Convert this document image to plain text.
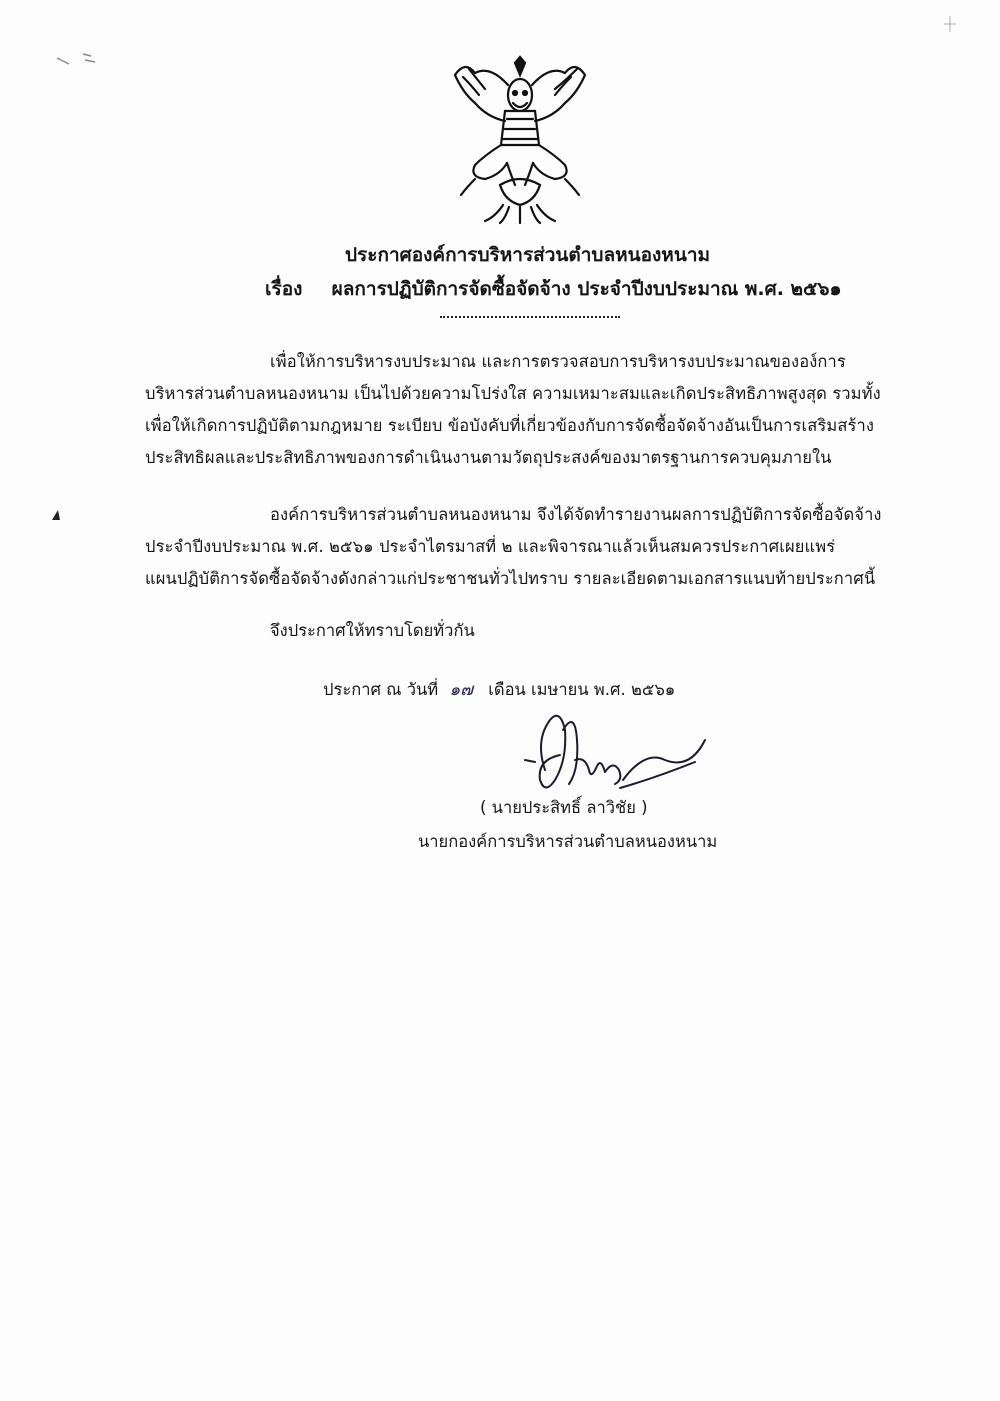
ประกาศองค์การบริหารส่วนตำบลหนองหนาม
เรื่อง ผลการปฏิบัติการจัดซื้อจัดจ้าง ประจำปีงบประมาณ พ.ศ. ๒๕๖๑
เพื่อให้การบริหารงบประมาณ และการตรวจสอบการบริหารงบประมาณขององ์การ
บริหารส่วนตำบลหนองหนาม เป็นไปด้วยความโปร่งใส ความเหมาะสมและเกิดประสิทธิภาพสูงสุด รวมทั้ง
เพื่อให้เกิดการปฏิบัติตามกฎหมาย ระเบียบ ข้อบังคับที่เกี่ยวข้องกับการจัดซื้อจัดจ้างอันเป็นการเสริมสร้าง
ประสิทธิผลและประสิทธิภาพของการดำเนินงานตามวัตถุประสงค์ของมาตรฐานการควบคุมภายใน
องค์การบริหารส่วนตำบลหนองหนาม จึงได้จัดทำรายงานผลการปฏิบัติการจัดซื้อจัดจ้าง
ประจำปีงบประมาณ พ.ศ. ๒๕๖๑ ประจำไตรมาสที่ ๒ และพิจารณาแล้วเห็นสมควรประกาศเผยแพร่
แผนปฏิบัติการจัดซื้อจัดจ้างดังกล่าวแก่ประชาชนทั่วไปทราบ รายละเอียดตามเอกสารแนบท้ายประกาศนี้
จึงประกาศให้ทราบโดยทั่วกัน
ประกาศ ณ วันที่ ๑๗ เดือน เมษายน พ.ศ. ๒๕๖๑
( นายประสิทธิ์ ลาวิชัย )
นายกองค์การบริหารส่วนตำบลหนองหนาม
